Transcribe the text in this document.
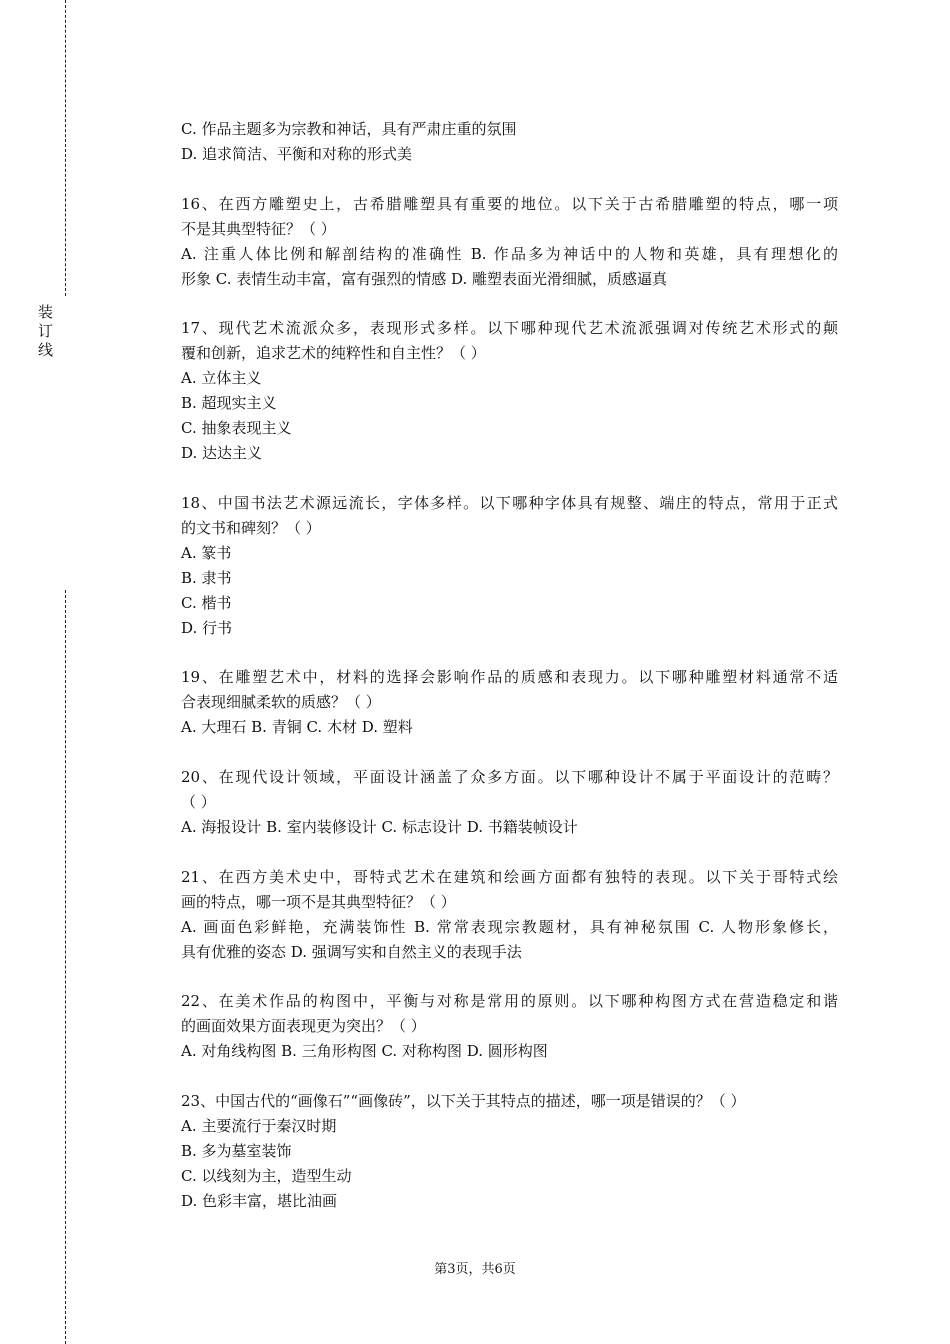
装
订
线
C. 作品主题多为宗教和神话，具有严肃庄重的氛围
D. 追求简洁、平衡和对称的形式美
16、在西方雕塑史上，古希腊雕塑具有重要的地位。以下关于古希腊雕塑的特点，哪一项
不是其典型特征？（ ）
A. 注重人体比例和解剖结构的准确性 B. 作品多为神话中的人物和英雄，具有理想化的
形象 C. 表情生动丰富，富有强烈的情感 D. 雕塑表面光滑细腻，质感逼真
17、现代艺术流派众多，表现形式多样。以下哪种现代艺术流派强调对传统艺术形式的颠
覆和创新，追求艺术的纯粹性和自主性？（ ）
A. 立体主义
B. 超现实主义
C. 抽象表现主义
D. 达达主义
18、中国书法艺术源远流长，字体多样。以下哪种字体具有规整、端庄的特点，常用于正式
的文书和碑刻？（ ）
A. 篆书
B. 隶书
C. 楷书
D. 行书
19、在雕塑艺术中，材料的选择会影响作品的质感和表现力。以下哪种雕塑材料通常不适
合表现细腻柔软的质感？（ ）
A. 大理石 B. 青铜 C. 木材 D. 塑料
20、在现代设计领域，平面设计涵盖了众多方面。以下哪种设计不属于平面设计的范畴？
（ ）
A. 海报设计 B. 室内装修设计 C. 标志设计 D. 书籍装帧设计
21、在西方美术史中，哥特式艺术在建筑和绘画方面都有独特的表现。以下关于哥特式绘
画的特点，哪一项不是其典型特征？（ ）
A. 画面色彩鲜艳，充满装饰性 B. 常常表现宗教题材，具有神秘氛围 C. 人物形象修长，
具有优雅的姿态 D. 强调写实和自然主义的表现手法
22、在美术作品的构图中，平衡与对称是常用的原则。以下哪种构图方式在营造稳定和谐
的画面效果方面表现更为突出？（ ）
A. 对角线构图 B. 三角形构图 C. 对称构图 D. 圆形构图
23、中国古代的“画像石”“画像砖”，以下关于其特点的描述，哪一项是错误的？（ ）
A. 主要流行于秦汉时期
B. 多为墓室装饰
C. 以线刻为主，造型生动
D. 色彩丰富，堪比油画
第3页，共6页
